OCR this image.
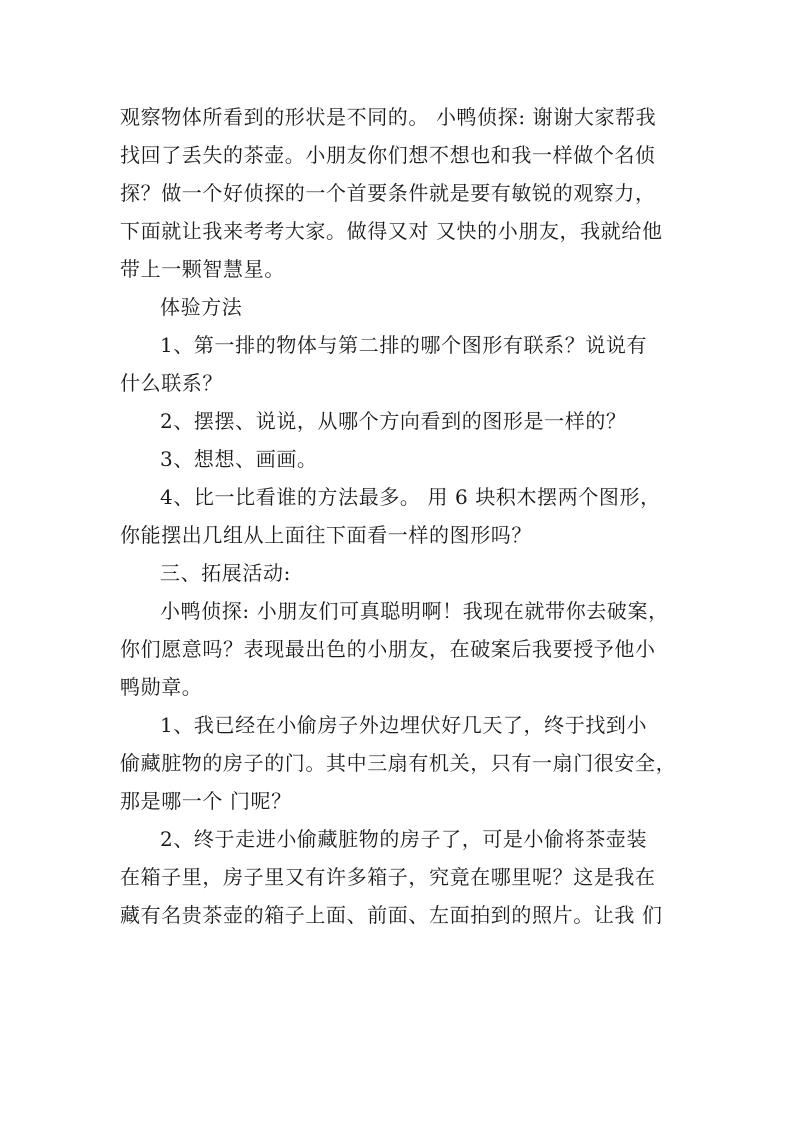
观察物体所看到的形状是不同的。 小鸭侦探: 谢谢大家帮我

找回了丢失的茶壶。小朋友你们想不想也和我一样做个名侦

探？做一个好侦探的一个首要条件就是要有敏锐的观察力，

下面就让我来考考大家。做得又对 又快的小朋友，我就给他

带上一颗智慧星。

体验方法

1、第一排的物体与第二排的哪个图形有联系？说说有

什么联系？

2、摆摆、说说，从哪个方向看到的图形是一样的？

3、想想、画画。

4、比一比看谁的方法最多。 用 6 块积木摆两个图形，

你能摆出几组从上面往下面看一样的图形吗？

三、拓展活动:

小鸭侦探: 小朋友们可真聪明啊！我现在就带你去破案，

你们愿意吗？表现最出色的小朋友，在破案后我要授予他小

鸭勋章。

1、我已经在小偷房子外边埋伏好几天了，终于找到小

偷藏脏物的房子的门。其中三扇有机关，只有一扇门很安全，

那是哪一个 门呢？

2、终于走进小偷藏脏物的房子了，可是小偷将茶壶装

在箱子里，房子里又有许多箱子，究竟在哪里呢？这是我在

藏有名贵茶壶的箱子上面、前面、左面拍到的照片。让我 们
